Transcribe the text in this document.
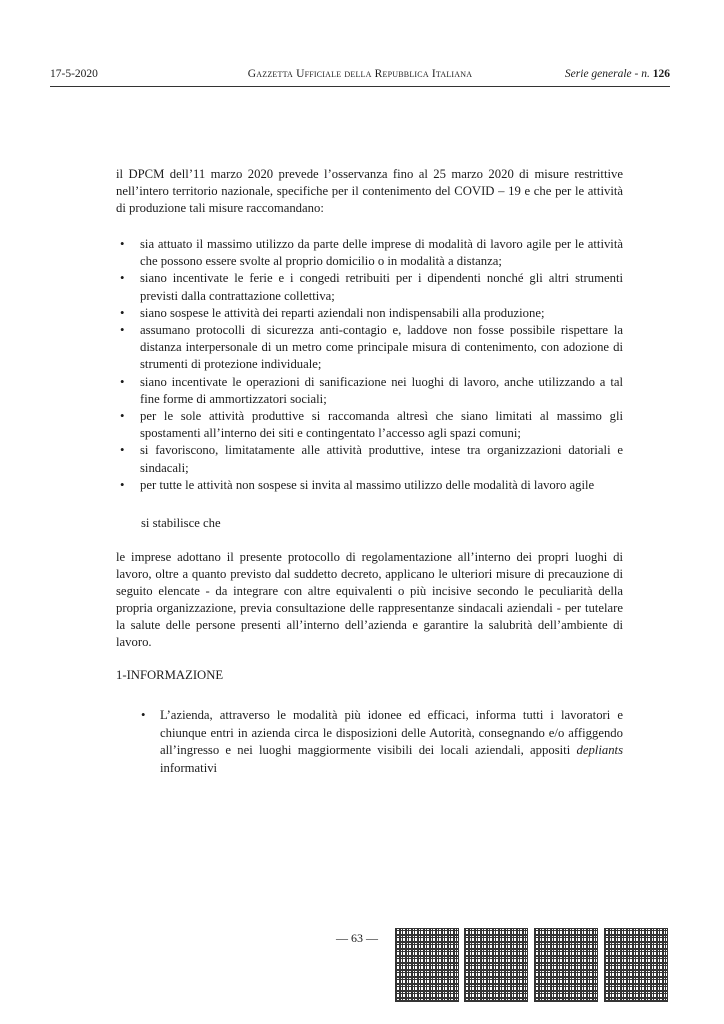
17-5-2020	Gazzetta Ufficiale della Repubblica Italiana	Serie generale - n. 126

il DPCM dell’11 marzo 2020 prevede l’osservanza fino al 25 marzo 2020 di misure restrittive nell’intero territorio nazionale, specifiche per il contenimento del COVID – 19 e che per le attività di produzione tali misure raccomandano:

• sia attuato il massimo utilizzo da parte delle imprese di modalità di lavoro agile per le attività che possono essere svolte al proprio domicilio o in modalità a distanza;
• siano incentivate le ferie e i congedi retribuiti per i dipendenti nonché gli altri strumenti previsti dalla contrattazione collettiva;
• siano sospese le attività dei reparti aziendali non indispensabili alla produzione;
• assumano protocolli di sicurezza anti-contagio e, laddove non fosse possibile rispettare la distanza interpersonale di un metro come principale misura di contenimento, con adozione di strumenti di protezione individuale;
• siano incentivate le operazioni di sanificazione nei luoghi di lavoro, anche utilizzando a tal fine forme di ammortizzatori sociali;
• per le sole attività produttive si raccomanda altresì che siano limitati al massimo gli spostamenti all’interno dei siti e contingentato l’accesso agli spazi comuni;
• si favoriscono, limitatamente alle attività produttive, intese tra organizzazioni datoriali e sindacali;
• per tutte le attività non sospese si invita al massimo utilizzo delle modalità di lavoro agile
si stabilisce che

le imprese adottano il presente protocollo di regolamentazione all’interno dei propri luoghi di lavoro, oltre a quanto previsto dal suddetto decreto, applicano le ulteriori misure di precauzione di seguito elencate - da integrare con altre equivalenti o più incisive secondo le peculiarità della propria organizzazione, previa consultazione delle rappresentanze sindacali aziendali - per tutelare la salute delle persone presenti all’interno dell’azienda e garantire la salubrità dell’ambiente di lavoro.

1-INFORMAZIONE
• L’azienda, attraverso le modalità più idonee ed efficaci, informa tutti i lavoratori e chiunque entri in azienda circa le disposizioni delle Autorità, consegnando e/o affiggendo all’ingresso e nei luoghi maggiormente visibili dei locali aziendali, appositi depliants informativi
— 63 —
